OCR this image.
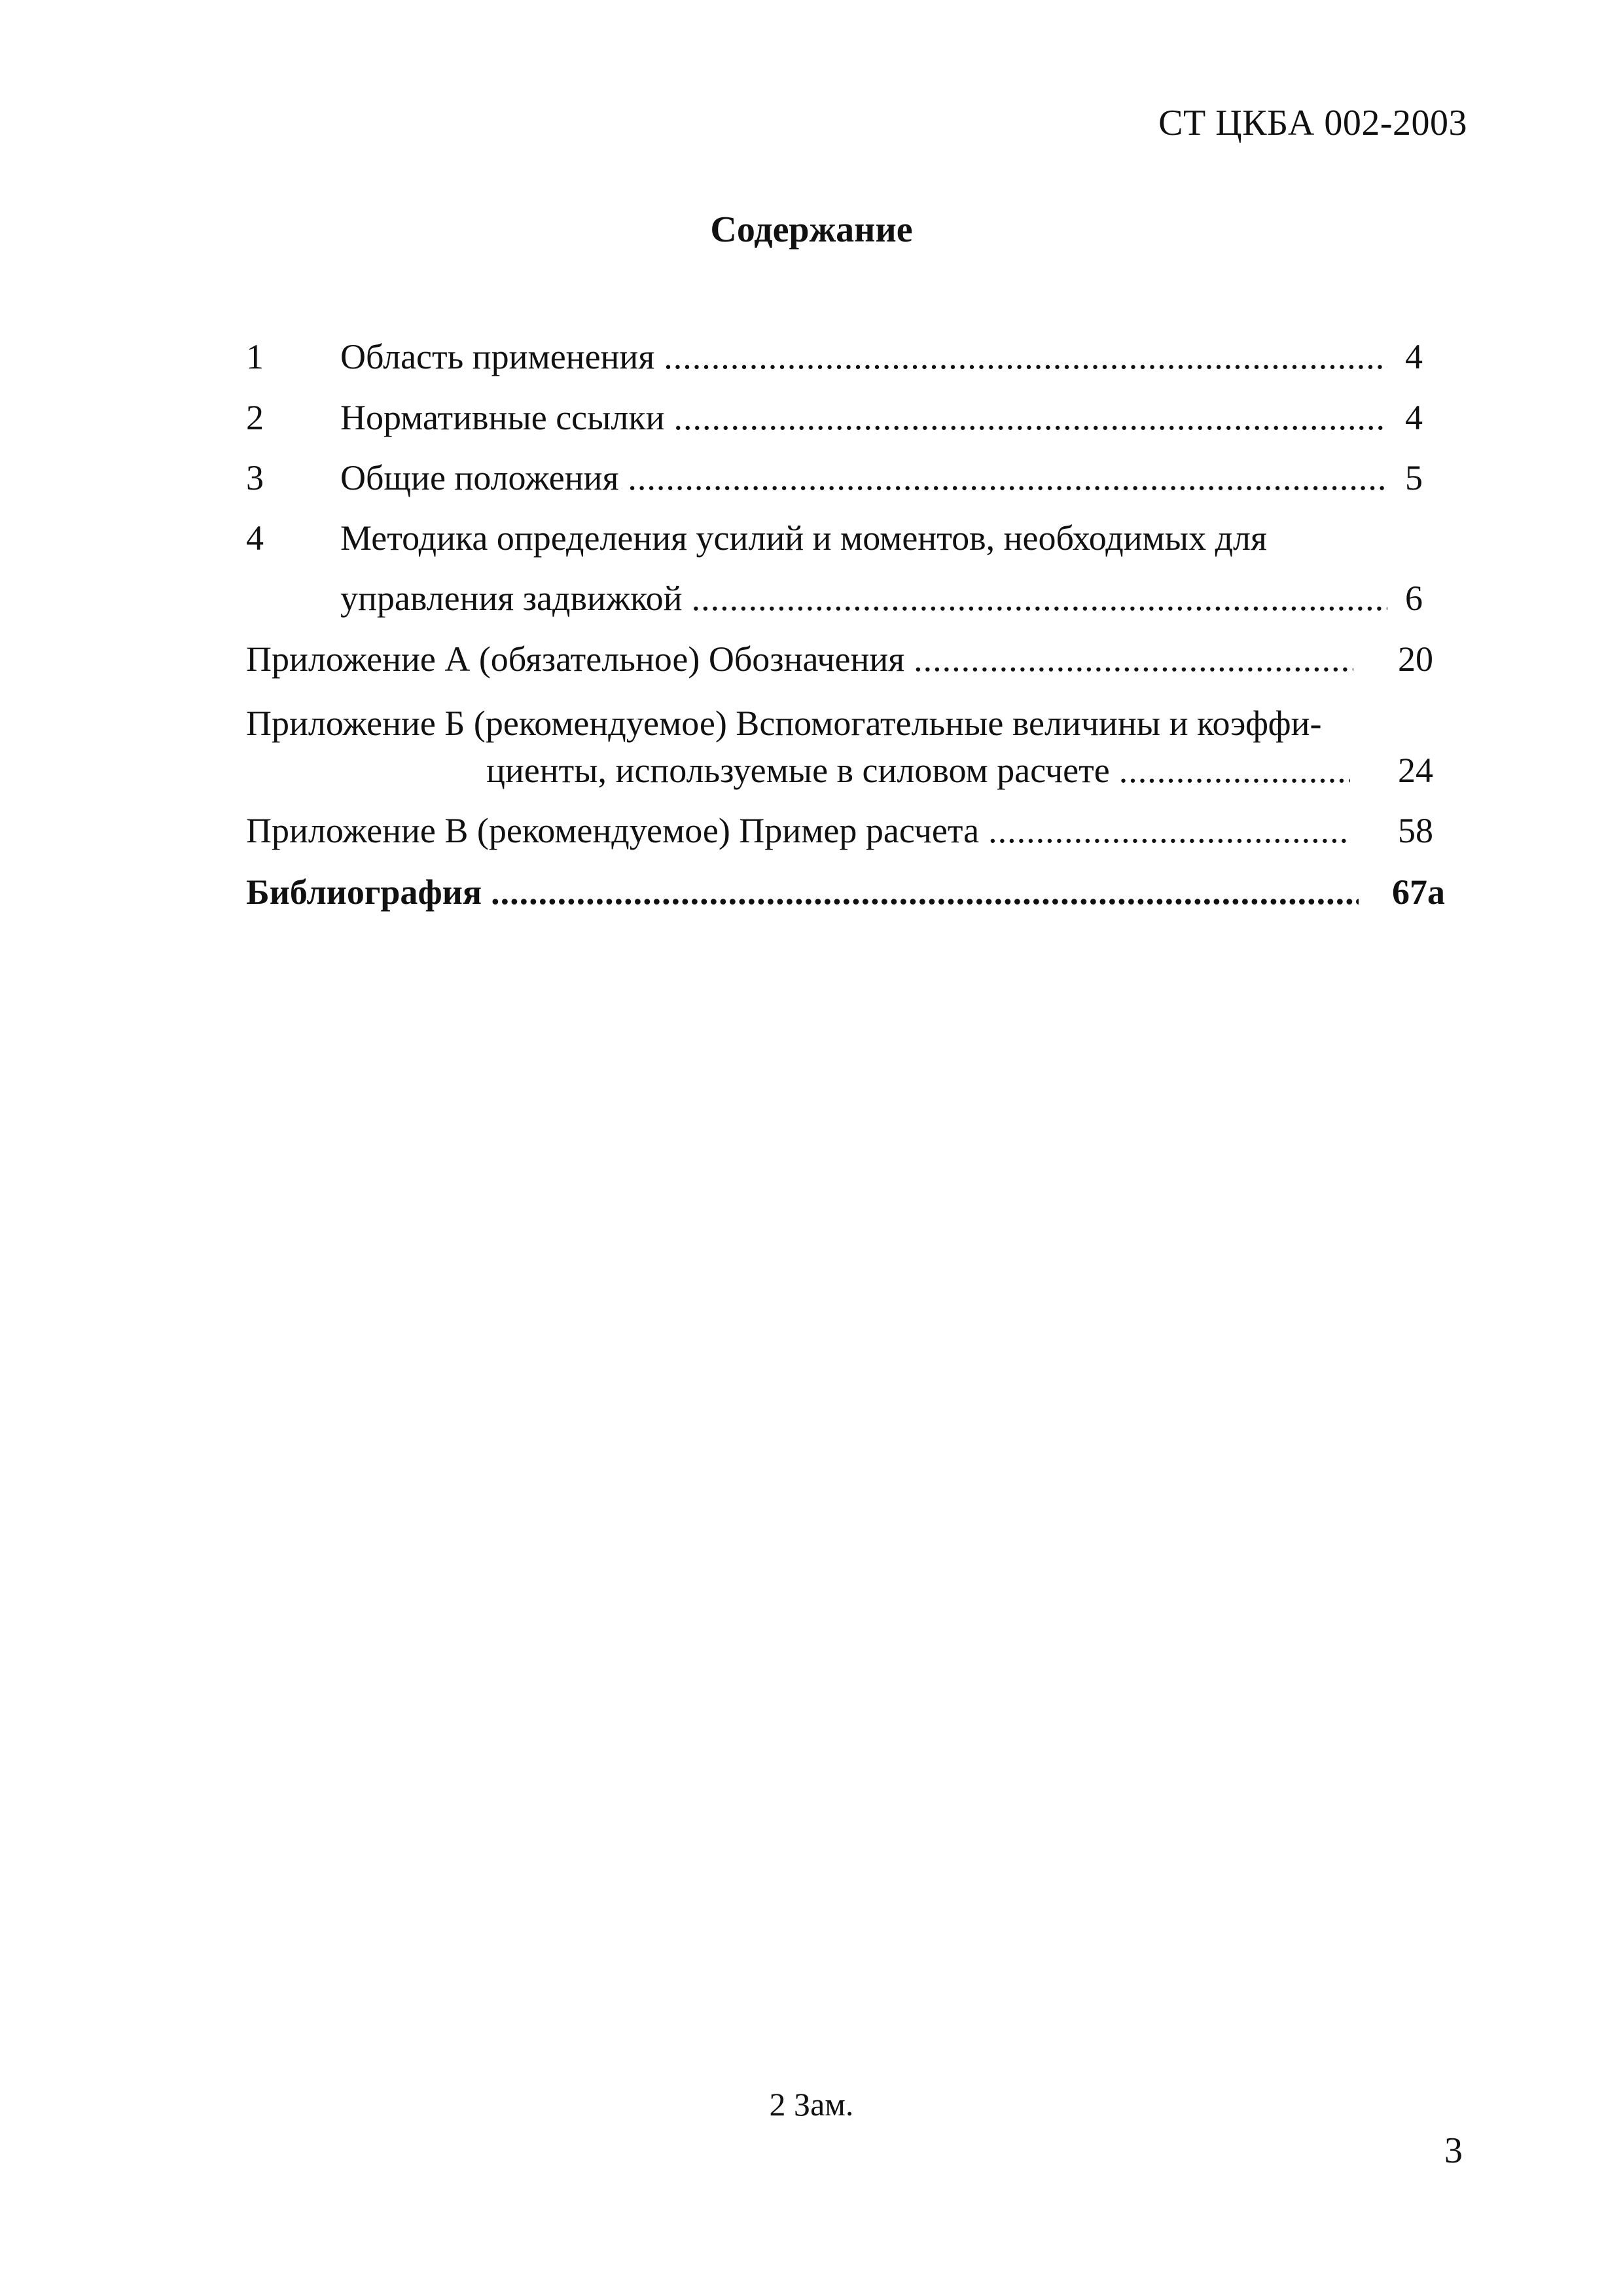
СТ ЦКБА 002-2003
Содержание
1 Область применения .....	4
2 Нормативные ссылки .....	4
3 Общие положения .....	5
4 Методика определения усилий и моментов, необходимых для
управления задвижкой .....	6
Приложение А (обязательное) Обозначения .....	20
Приложение Б (рекомендуемое) Вспомогательные величины и коэффи-
циенты, используемые в силовом расчете .....	24
Приложение В (рекомендуемое) Пример расчета .....	58
Библиография .....	67а
2 Зам.
3
